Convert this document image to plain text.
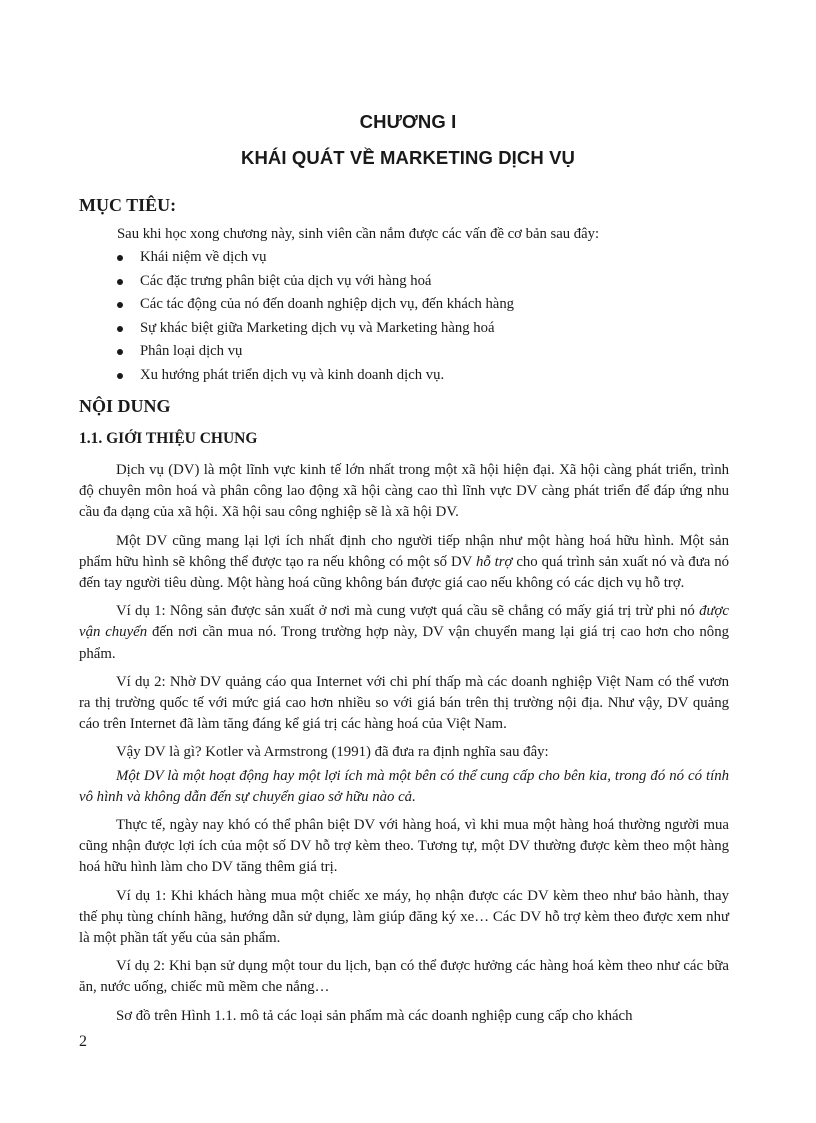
CHƯƠNG I
KHÁI QUÁT VỀ MARKETING DỊCH VỤ
MỤC TIÊU:
Sau khi học xong chương này, sinh viên cần nắm được các vấn đề cơ bản sau đây:
Khái niệm về dịch vụ
Các đặc trưng phân biệt của dịch vụ với hàng hoá
Các tác động của nó đến doanh nghiệp dịch vụ, đến khách hàng
Sự khác biệt giữa Marketing dịch vụ và Marketing hàng hoá
Phân loại dịch vụ
Xu hướng phát triển dịch vụ và kinh doanh dịch vụ.
NỘI DUNG
1.1. GIỚI THIỆU CHUNG

Dịch vụ (DV) là một lĩnh vực kinh tế lớn nhất trong một xã hội hiện đại. Xã hội càng phát triển, trình độ chuyên môn hoá và phân công lao động xã hội càng cao thì lĩnh vực DV càng phát triển để đáp ứng nhu cầu đa dạng của xã hội. Xã hội sau công nghiệp sẽ là xã hội DV.

Một DV cũng mang lại lợi ích nhất định cho người tiếp nhận như một hàng hoá hữu hình. Một sản phẩm hữu hình sẽ không thể được tạo ra nếu không có một số DV hỗ trợ cho quá trình sản xuất nó và đưa nó đến tay người tiêu dùng. Một hàng hoá cũng không bán được giá cao nếu không có các dịch vụ hỗ trợ.

Ví dụ 1: Nông sản được sản xuất ở nơi mà cung vượt quá cầu sẽ chẳng có mấy giá trị trừ phi nó được vận chuyển đến nơi cần mua nó. Trong trường hợp này, DV vận chuyển mang lại giá trị cao hơn cho nông phẩm.

Ví dụ 2: Nhờ DV quảng cáo qua Internet với chi phí thấp mà các doanh nghiệp Việt Nam có thể vươn ra thị trường quốc tế với mức giá cao hơn nhiều so với giá bán trên thị trường nội địa. Như vậy, DV quảng cáo trên Internet đã làm tăng đáng kể giá trị các hàng hoá của Việt Nam.

Vậy DV là gì? Kotler và Armstrong (1991) đã đưa ra định nghĩa sau đây:

Một DV là một hoạt động hay một lợi ích mà một bên có thể cung cấp cho bên kia, trong đó nó có tính vô hình và không dẫn đến sự chuyển giao sở hữu nào cả.

Thực tế, ngày nay khó có thể phân biệt DV với hàng hoá, vì khi mua một hàng hoá thường người mua cũng nhận được lợi ích của một số DV hỗ trợ kèm theo. Tương tự, một DV thường được kèm theo một hàng hoá hữu hình làm cho DV tăng thêm giá trị.

Ví dụ 1: Khi khách hàng mua một chiếc xe máy, họ nhận được các DV kèm theo như bảo hành, thay thế phụ tùng chính hãng, hướng dẫn sử dụng, làm giúp đăng ký xe… Các DV hỗ trợ kèm theo được xem như là một phần tất yếu của sản phẩm.

Ví dụ 2: Khi bạn sử dụng một tour du lịch, bạn có thể được hưởng các hàng hoá kèm theo như các bữa ăn, nước uống, chiếc mũ mềm che nắng…

Sơ đồ trên Hình 1.1. mô tả các loại sản phẩm mà các doanh nghiệp cung cấp cho khách

2
